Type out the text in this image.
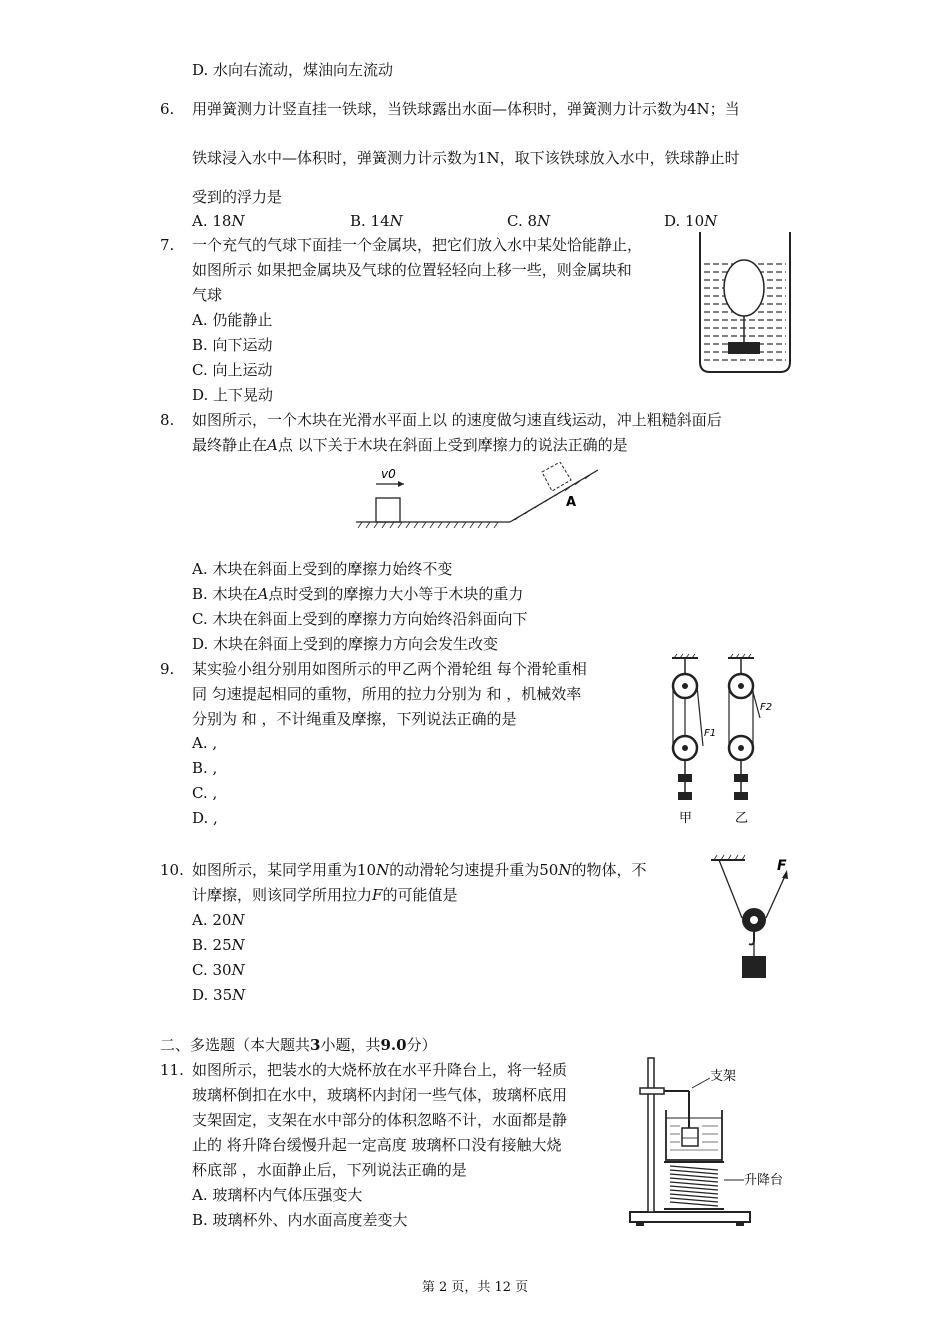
D. 水向右流动，煤油向左流动
6. 用弹簧测力计竖直挂一铁球，当铁球露出水面—体积时，弹簧测力计示数为4N；当
铁球浸入水中—体积时，弹簧测力计示数为1N，取下该铁球放入水中，铁球静止时
受到的浮力是
A. 18N	B. 14N	C. 8N	D. 10N
7. 一个充气的气球下面挂一个金属块，把它们放入水中某处恰能静止，
如图所示 如果把金属块及气球的位置轻轻向上移一些，则金属块和
气球
A. 仍能静止
B. 向下运动
C. 向上运动
D. 上下晃动
8. 如图所示，一个木块在光滑水平面上以 的速度做匀速直线运动，冲上粗糙斜面后
最终静止在A点 以下关于木块在斜面上受到摩擦力的说法正确的是
v0
A
A. 木块在斜面上受到的摩擦力始终不变
B. 木块在A点时受到的摩擦力大小等于木块的重力
C. 木块在斜面上受到的摩擦力方向始终沿斜面向下
D. 木块在斜面上受到的摩擦力方向会发生改变
9. 某实验小组分别用如图所示的甲乙两个滑轮组 每个滑轮重相
同 匀速提起相同的重物，所用的拉力分别为 和 ，机械效率
分别为 和 ，不计绳重及摩擦，下列说法正确的是
A. ,
B. ,
C. ,
D. ,
F1
甲
F2
乙
10. 如图所示，某同学用重为10N的动滑轮匀速提升重为50N的物体，不
计摩擦，则该同学所用拉力F的可能值是
A. 20N
B. 25N
C. 30N
D. 35N
F
二、多选题（本大题共3小题，共9.0分）
11. 如图所示，把装水的大烧杯放在水平升降台上，将一轻质
玻璃杯倒扣在水中，玻璃杯内封闭一些气体，玻璃杯底用
支架固定，支架在水中部分的体积忽略不计，水面都是静
止的 将升降台缓慢升起一定高度 玻璃杯口没有接触大烧
杯底部 ，水面静止后，下列说法正确的是
A. 玻璃杯内气体压强变大
B. 玻璃杯外、内水面高度差变大
支架
升降台
第 2 页，共 12 页
